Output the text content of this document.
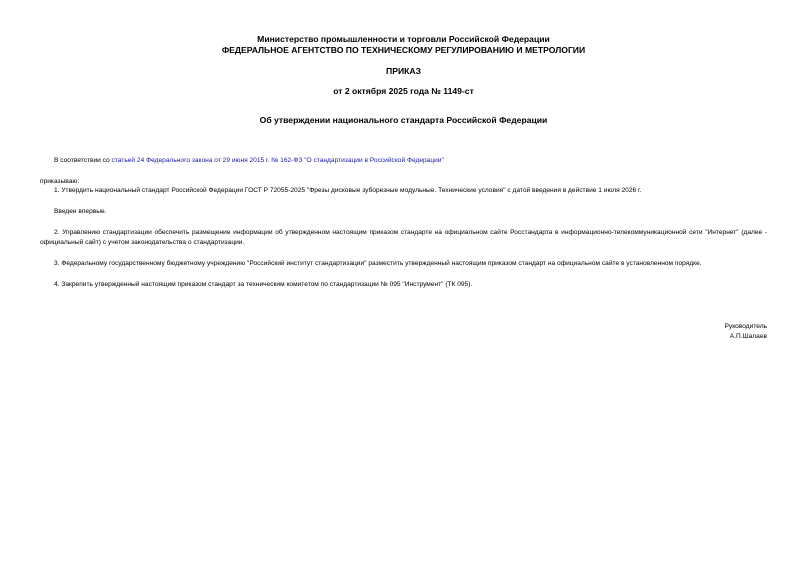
Министерство промышленности и торговли Российской Федерации
ФЕДЕРАЛЬНОЕ АГЕНТСТВО ПО ТЕХНИЧЕСКОМУ РЕГУЛИРОВАНИЮ И МЕТРОЛОГИИ
ПРИКАЗ
от 2 октября 2025 года № 1149-ст
Об утверждении национального стандарта Российской Федерации
В соответствии со статьей 24 Федерального закона от 29 июня 2015 г. № 162-ФЗ "О стандартизации в Российской Федерации"
приказываю:
1. Утвердить национальный стандарт Российской Федерации ГОСТ Р 72055-2025 "Фрезы дисковые зуборезные модульные. Технические условия" с датой введения в действие 1 июля 2026 г.
Введен впервые.
2. Управлению стандартизации обеспечить размещение информации об утвержденном настоящим приказом стандарте на официальном сайте Росстандарта в информационно-телекоммуникационной сети "Интернет" (далее - официальный сайт) с учетом законодательства о стандартизации.
3. Федеральному государственному бюджетному учреждению "Российский институт стандартизации" разместить утвержденный настоящим приказом стандарт на официальном сайте в установленном порядке.
4. Закрепить утвержденный настоящим приказом стандарт за техническим комитетом по стандартизации № 095 "Инструмент" (ТК 095).
Руководитель
А.П.Шалаев
